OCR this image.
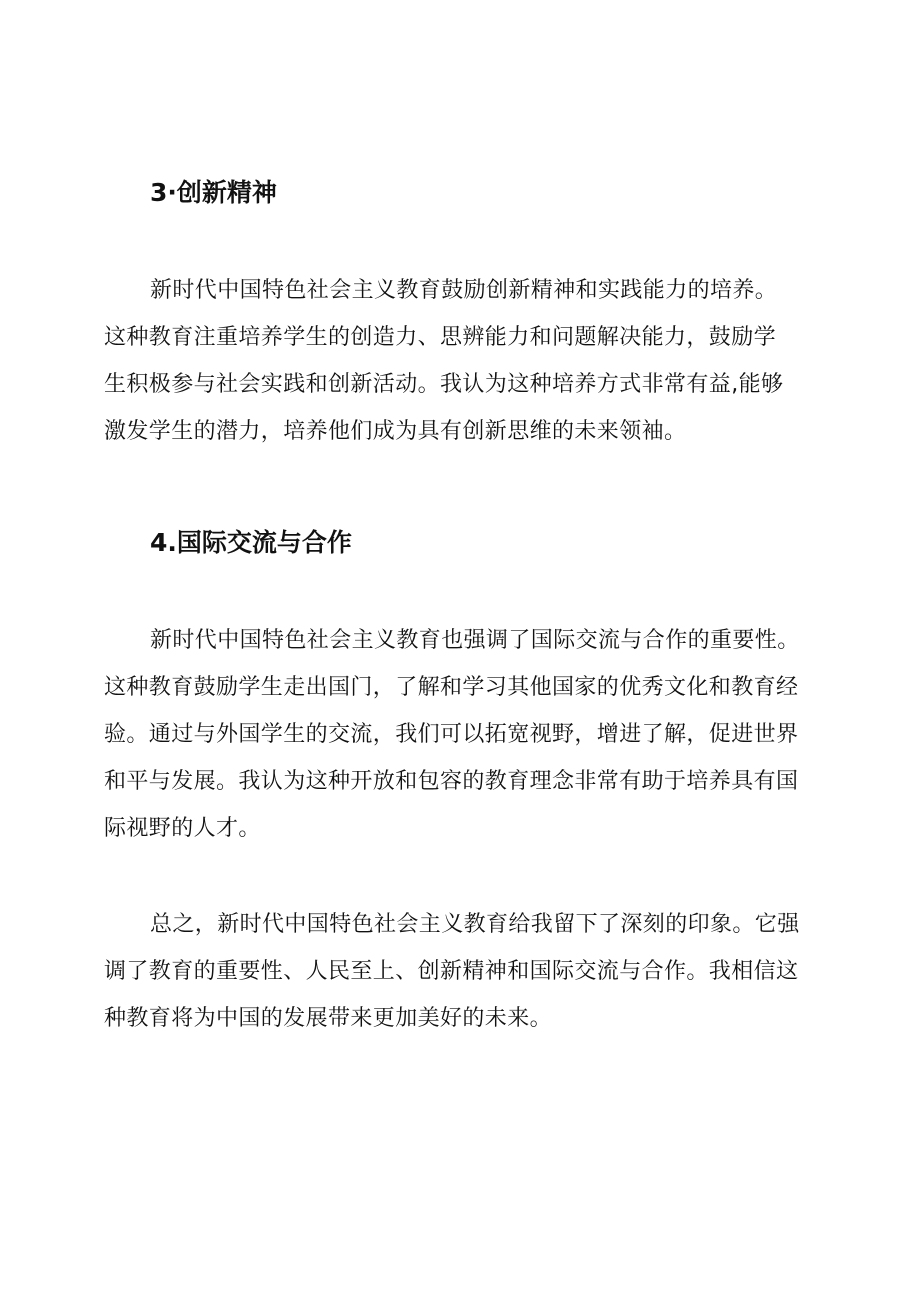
3·创新精神
新时代中国特色社会主义教育鼓励创新精神和实践能力的培养。
这种教育注重培养学生的创造力、思辨能力和问题解决能力，鼓励学
生积极参与社会实践和创新活动。我认为这种培养方式非常有益,能够
激发学生的潜力，培养他们成为具有创新思维的未来领袖。
4.国际交流与合作
新时代中国特色社会主义教育也强调了国际交流与合作的重要性。
这种教育鼓励学生走出国门，了解和学习其他国家的优秀文化和教育经
验。通过与外国学生的交流，我们可以拓宽视野，增进了解，促进世界
和平与发展。我认为这种开放和包容的教育理念非常有助于培养具有国
际视野的人才。
总之，新时代中国特色社会主义教育给我留下了深刻的印象。它强
调了教育的重要性、人民至上、创新精神和国际交流与合作。我相信这
种教育将为中国的发展带来更加美好的未来。
